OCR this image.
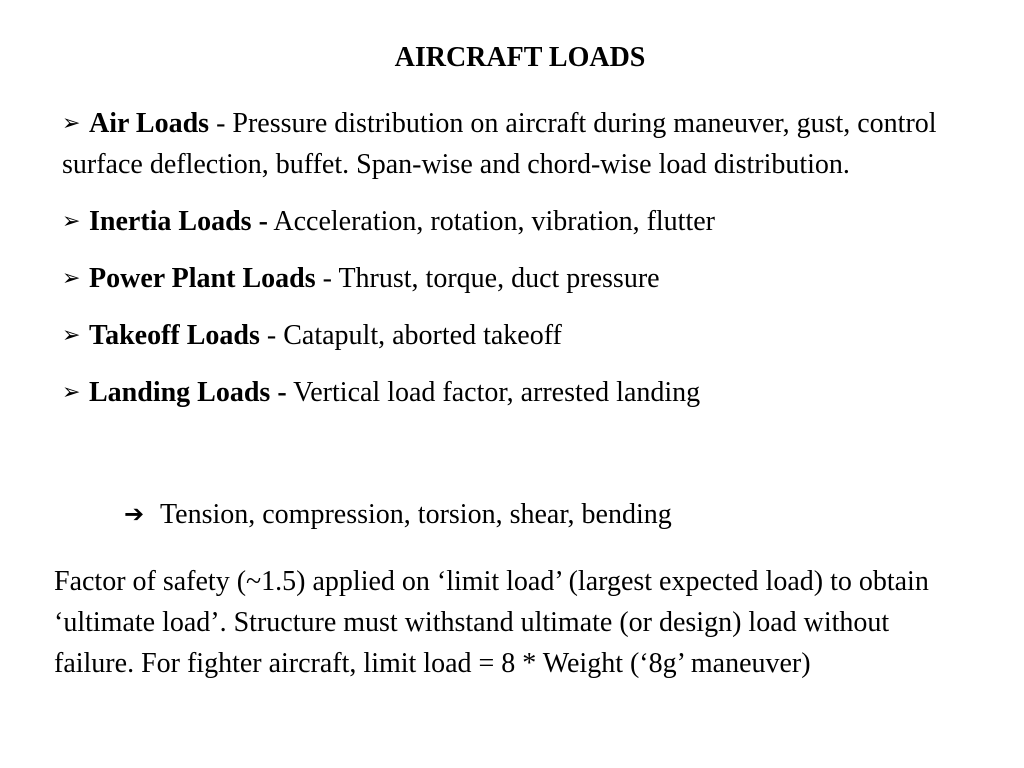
AIRCRAFT LOADS
➢ Air Loads - Pressure distribution on aircraft during maneuver, gust, control surface deflection, buffet. Span-wise and chord-wise load distribution.
➢ Inertia Loads - Acceleration, rotation, vibration, flutter
➢ Power Plant Loads - Thrust, torque, duct pressure
➢ Takeoff Loads - Catapult, aborted takeoff
➢ Landing Loads - Vertical load factor, arrested landing
➔ Tension, compression, torsion, shear, bending
Factor of safety (~1.5) applied on ‘limit load’ (largest expected load) to obtain ‘ultimate load’. Structure must withstand ultimate (or design) load without failure. For fighter aircraft, limit load = 8 * Weight (‘8g’ maneuver)
